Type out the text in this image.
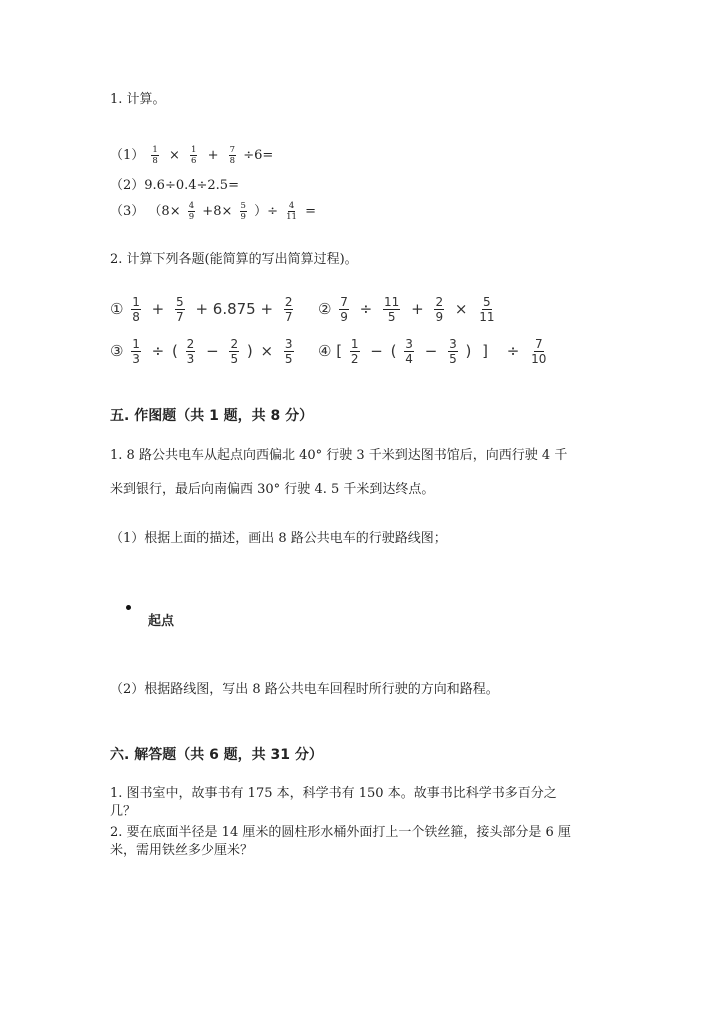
1. 计算。
$(1) \frac{1}{8} \times \frac{1}{6} + \frac{7}{8} \div 6=$
（2）9.6÷0.4÷2.5=
（3） （$8\times \frac{4}{9} +8\times \frac{5}{9}$ ）÷ $\frac{4}{11}$ =
2. 计算下列各题(能简算的写出简算过程)。
① $\frac{1}{8} + \frac{5}{7} + 6.875 + \frac{2}{7}$ ② $\frac{7}{9} \div \frac{11}{5} + \frac{2}{9} \times \frac{5}{11}$
③ $\frac{1}{3}$ ÷ ( $\frac{2}{3} - \frac{2}{5}$ ) × $\frac{3}{5}$ ④ [ $\frac{1}{2}$ − ( $\frac{3}{4} - \frac{3}{5}$ ) ] ÷ $\frac{7}{10}$
五. 作图题（共 1 题，共 8 分）
1. 8 路公共电车从起点向西偏北 40° 行驶 3 千米到达图书馆后，向西行驶 4 千
米到银行，最后向南偏西 30° 行驶 4. 5 千米到达终点。
（1）根据上面的描述，画出 8 路公共电车的行驶路线图；
起点
（2）根据路线图，写出 8 路公共电车回程时所行驶的方向和路程。
六. 解答题（共 6 题，共 31 分）
1. 图书室中，故事书有 175 本，科学书有 150 本。故事书比科学书多百分之
几？
2. 要在底面半径是 14 厘米的圆柱形水桶外面打上一个铁丝箍，接头部分是 6 厘
米，需用铁丝多少厘米？
